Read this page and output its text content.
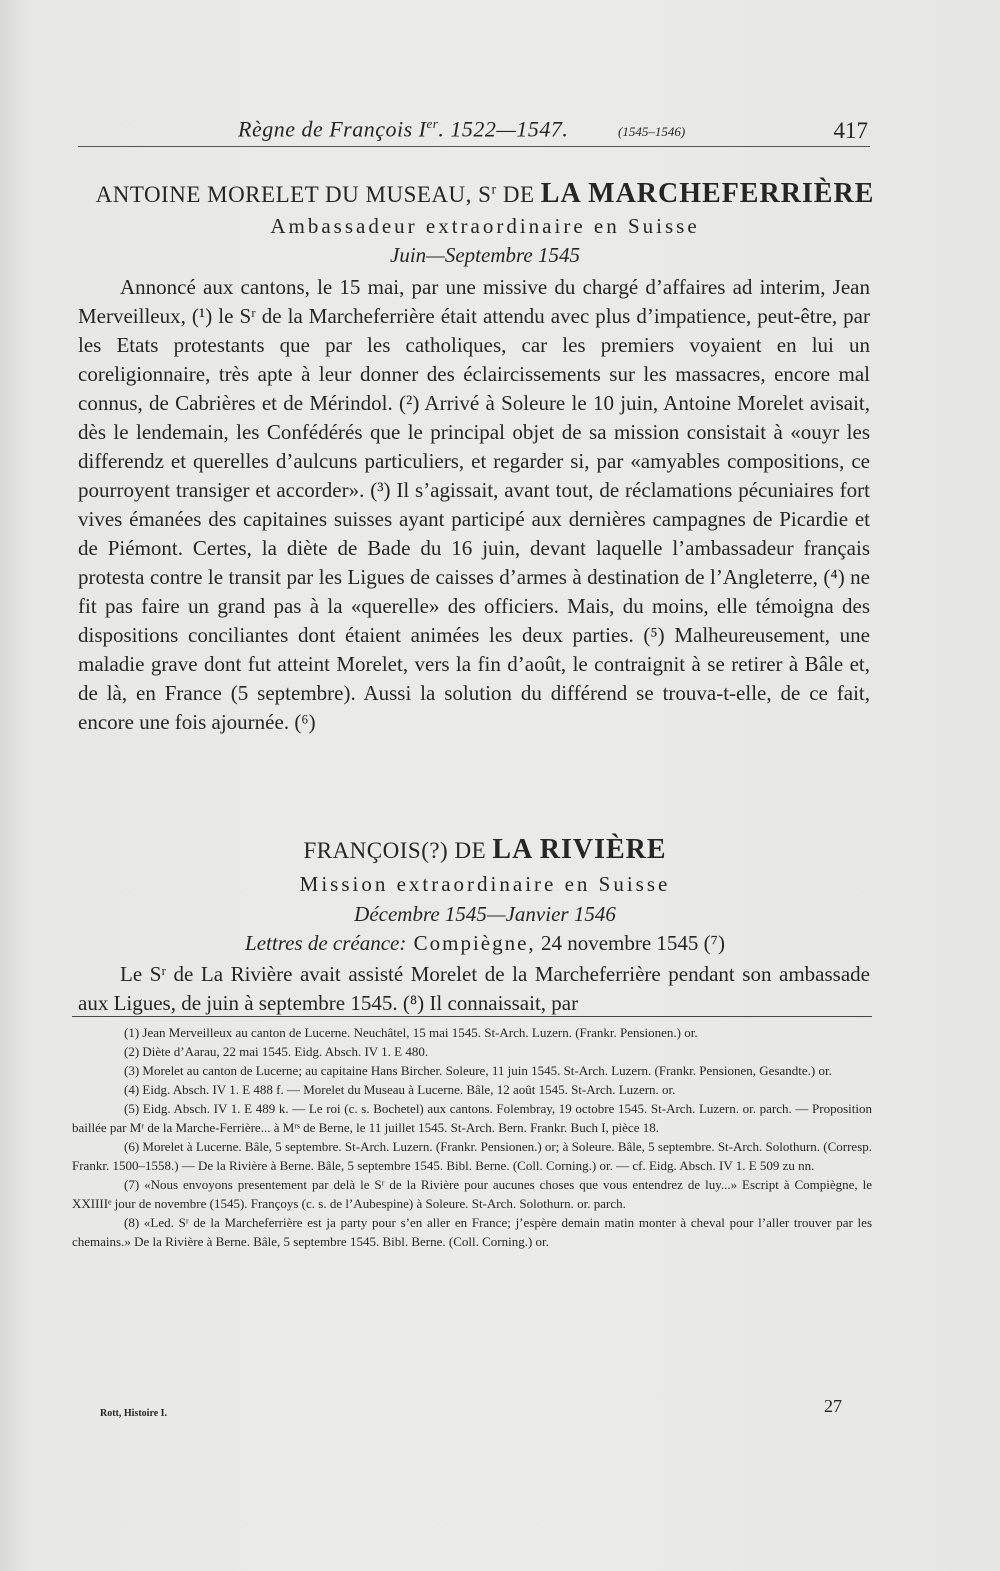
Règne de François Ier. 1522—1547.	(1545–1546)	417
ANTOINE MORELET DU MUSEAU, $S^r$ DE LA MARCHEFERRIÈRE
Ambassadeur extraordinaire en Suisse
Juin—Septembre 1545

Annoncé aux cantons, le 15 mai, par une missive du chargé d’affaires ad interim, Jean Merveilleux, (¹) le Sʳ de la Marcheferrière était attendu avec plus d’impatience, peut-être, par les Etats protestants que par les catholiques, car les premiers voyaient en lui un coreligionnaire, très apte à leur donner des éclaircissements sur les massacres, encore mal connus, de Cabrières et de Mérindol. (²) Arrivé à Soleure le 10 juin, Antoine Morelet avisait, dès le lendemain, les Confédérés que le principal objet de sa mission consistait à «ouyr les differendz et querelles d’aulcuns particuliers, et regarder si, par «amyables compositions, ce pourroyent transiger et accorder». (³) Il s’agissait, avant tout, de réclamations pécuniaires fort vives émanées des capitaines suisses ayant participé aux dernières campagnes de Picardie et de Piémont. Certes, la diète de Bade du 16 juin, devant laquelle l’ambassadeur français protesta contre le transit par les Ligues de caisses d’armes à destination de l’Angleterre, (⁴) ne fit pas faire un grand pas à la «querelle» des officiers. Mais, du moins, elle témoigna des dispositions conciliantes dont étaient animées les deux parties. (⁵) Malheureusement, une maladie grave dont fut atteint Morelet, vers la fin d’août, le contraignit à se retirer à Bâle et, de là, en France (5 septembre). Aussi la solution du différend se trouva-t-elle, de ce fait, encore une fois ajournée. (⁶)

FRANÇOIS(?) DE LA RIVIÈRE
Mission extraordinaire en Suisse
Décembre 1545—Janvier 1546
Lettres de créance: Compiègne, 24 novembre 1545 (⁷)

Le Sʳ de La Rivière avait assisté Morelet de la Marcheferrière pendant son ambassade aux Ligues, de juin à septembre 1545. (⁸) Il connaissait, par

(1) Jean Merveilleux au canton de Lucerne. Neuchâtel, 15 mai 1545. St-Arch. Luzern. (Frankr. Pensionen.) or.

(2) Diète d’Aarau, 22 mai 1545. Eidg. Absch. IV 1. E 480.

(3) Morelet au canton de Lucerne; au capitaine Hans Bircher. Soleure, 11 juin 1545. St-Arch. Luzern. (Frankr. Pensionen, Gesandte.) or.

(4) Eidg. Absch. IV 1. E 488 f. — Morelet du Museau à Lucerne. Bâle, 12 août 1545. St-Arch. Luzern. or.

(5) Eidg. Absch. IV 1. E 489 k. — Le roi (c. s. Bochetel) aux cantons. Folembray, 19 octobre 1545. St-Arch. Luzern. or. parch. — Proposition baillée par Mʳ de la Marche-Ferrière... à Mʳˢ de Berne, le 11 juillet 1545. St-Arch. Bern. Frankr. Buch I, pièce 18.

(6) Morelet à Lucerne. Bâle, 5 septembre. St-Arch. Luzern. (Frankr. Pensionen.) or; à Soleure. Bâle, 5 septembre. St-Arch. Solothurn. (Corresp. Frankr. 1500–1558.) — De la Rivière à Berne. Bâle, 5 septembre 1545. Bibl. Berne. (Coll. Corning.) or. — cf. Eidg. Absch. IV 1. E 509 zu nn.

(7) «Nous envoyons presentement par delà le Sʳ de la Rivière pour aucunes choses que vous entendrez de luy...» Escript à Compiègne, le XXIIIIᵉ jour de novembre (1545). Françoys (c. s. de l’Aubespine) à Soleure. St-Arch. Solothurn. or. parch.

(8) «Led. Sʳ de la Marcheferrière est ja party pour s’en aller en France; j’espère demain matin monter à cheval pour l’aller trouver par les chemains.» De la Rivière à Berne. Bâle, 5 septembre 1545. Bibl. Berne. (Coll. Corning.) or.

Rott, Histoire I.	27
